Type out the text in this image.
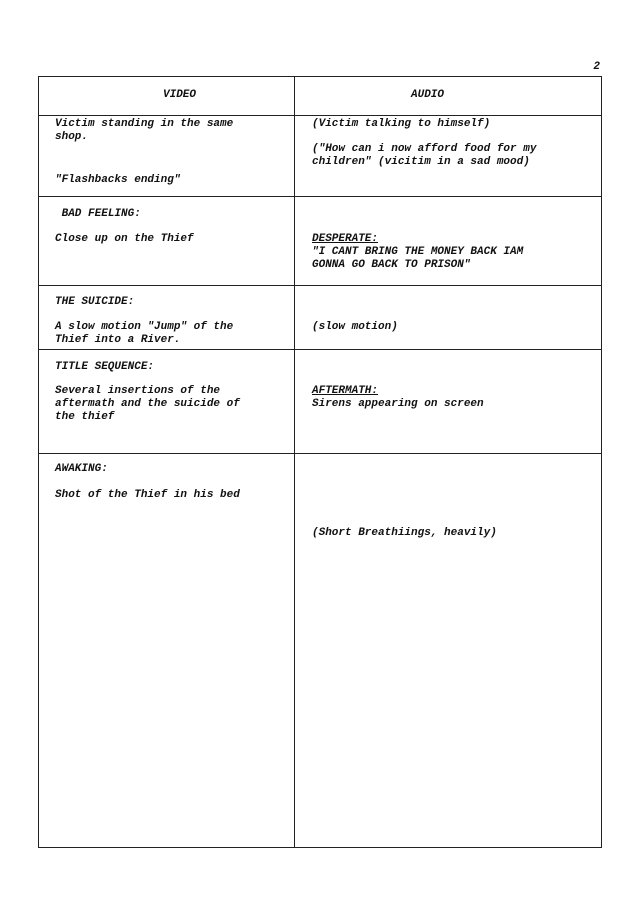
2
VIDEO	AUDIO
Victim standing in the same
shop.
"Flashbacks ending"
(Victim talking to himself)
("How can i now afford food for my
children" (vicitim in a sad mood)
BAD FEELING:
Close up on the Thief	DESPERATE:
"I CANT BRING THE MONEY BACK IAM
GONNA GO BACK TO PRISON"
THE SUICIDE:
A slow motion "Jump" of the
Thief into a River.
(slow motion)
TITLE SEQUENCE:
Several insertions of the
aftermath and the suicide of
the thief
AFTERMATH:
Sirens appearing on screen
AWAKING:
Shot of the Thief in his bed
(Short Breathiings, heavily)
